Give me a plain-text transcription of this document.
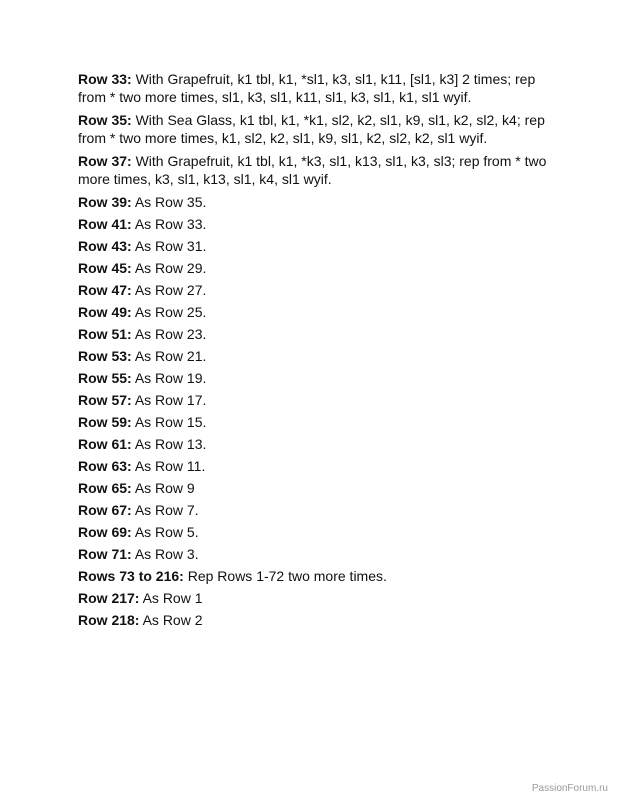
Row 33: With Grapefruit, k1 tbl, k1, *sl1, k3, sl1, k11, [sl1, k3] 2 times; rep from * two more times, sl1, k3, sl1, k11, sl1, k3, sl1, k1, sl1 wyif.

Row 35: With Sea Glass, k1 tbl, k1, *k1, sl2, k2, sl1, k9, sl1, k2, sl2, k4; rep from * two more times, k1, sl2, k2, sl1, k9, sl1, k2, sl2, k2, sl1 wyif.

Row 37: With Grapefruit, k1 tbl, k1, *k3, sl1, k13, sl1, k3, sl3; rep from * two more times, k3, sl1, k13, sl1, k4, sl1 wyif.

Row 39: As Row 35.

Row 41: As Row 33.

Row 43: As Row 31.

Row 45: As Row 29.

Row 47: As Row 27.

Row 49: As Row 25.

Row 51: As Row 23.

Row 53: As Row 21.

Row 55: As Row 19.

Row 57: As Row 17.

Row 59: As Row 15.

Row 61: As Row 13.

Row 63: As Row 11.

Row 65: As Row 9

Row 67: As Row 7.

Row 69: As Row 5.

Row 71: As Row 3.

Rows 73 to 216: Rep Rows 1-72 two more times.

Row 217: As Row 1

Row 218: As Row 2

PassionForum.ru
